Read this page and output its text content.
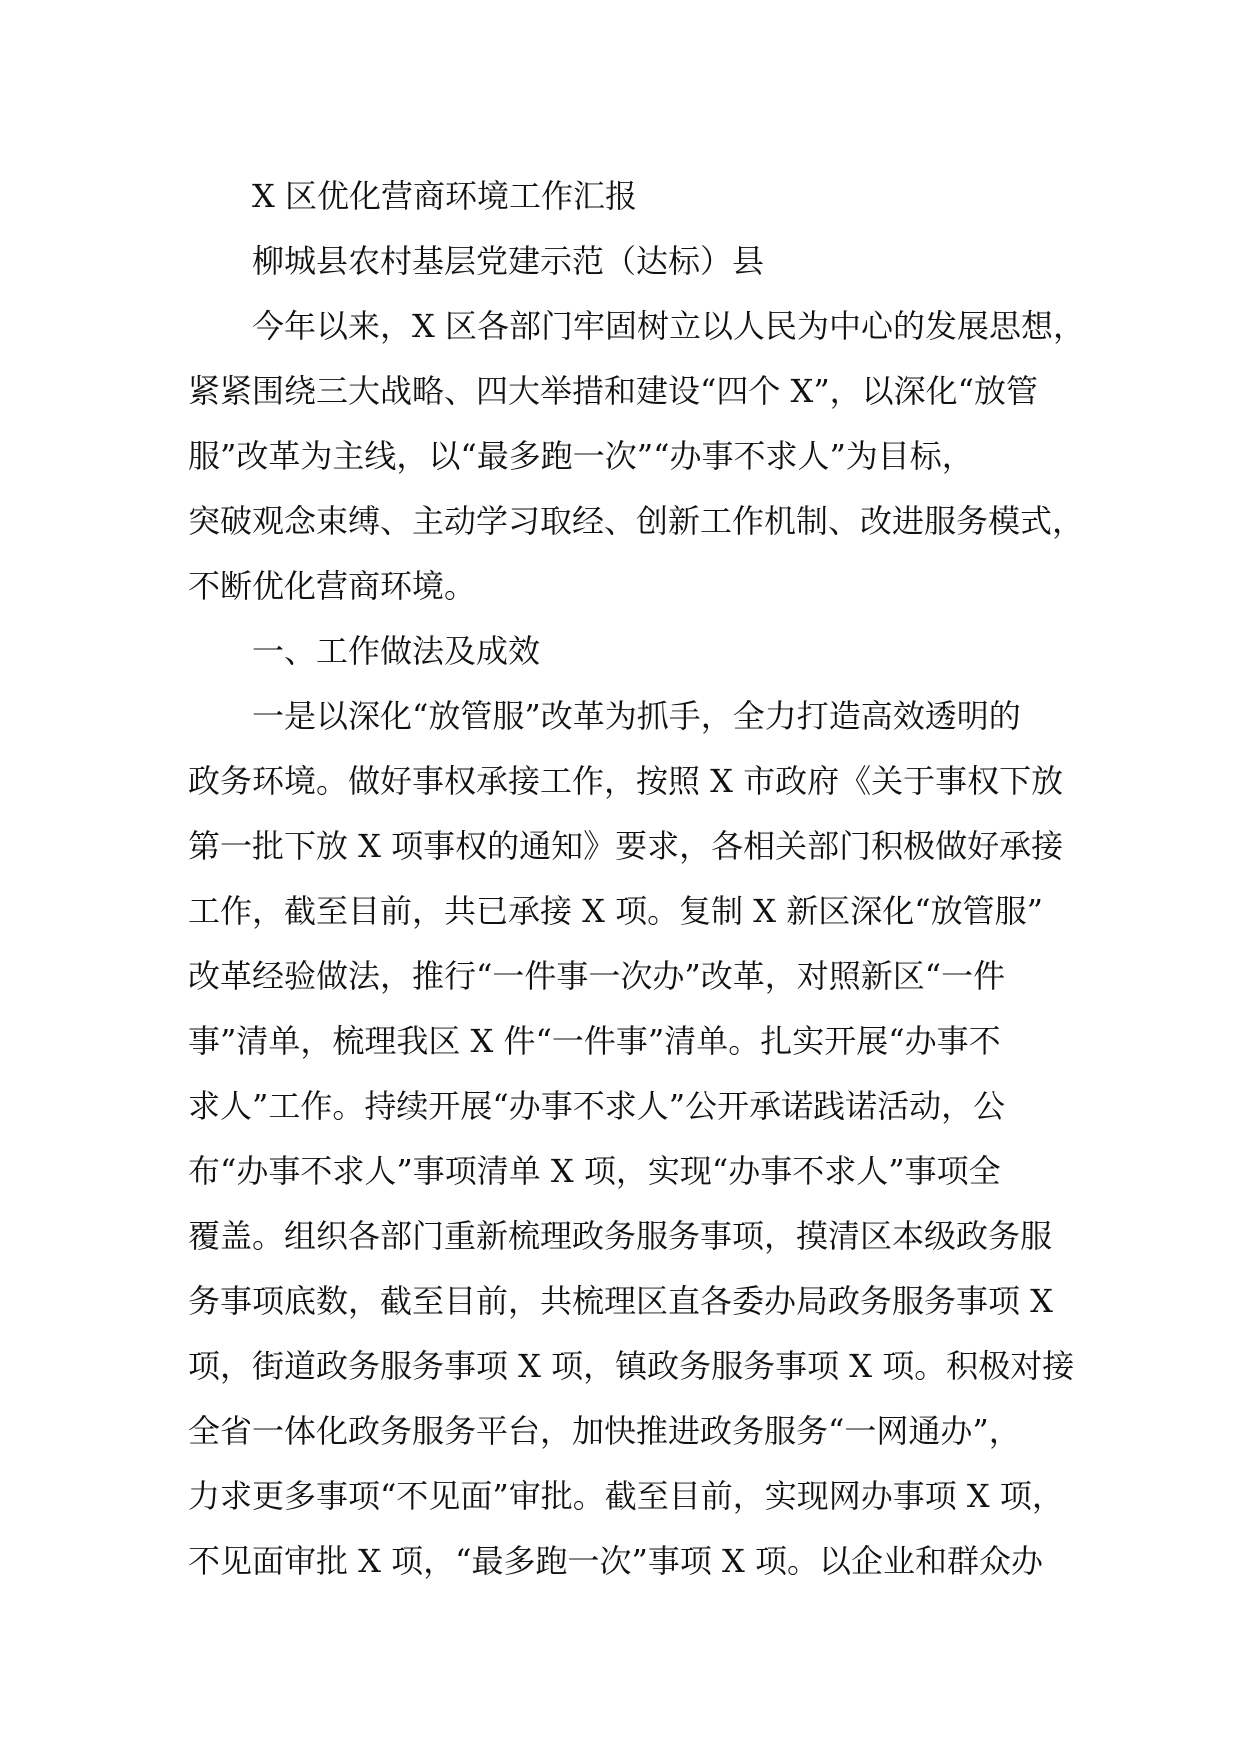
X 区优化营商环境工作汇报
柳城县农村基层党建示范（达标）县
今年以来，X 区各部门牢固树立以人民为中心的发展思想，
紧紧围绕三大战略、四大举措和建设“四个 X”，以深化“放管
服”改革为主线，以“最多跑一次”“办事不求人”为目标，
突破观念束缚、主动学习取经、创新工作机制、改进服务模式，
不断优化营商环境。
一、工作做法及成效
一是以深化“放管服”改革为抓手，全力打造高效透明的
政务环境。做好事权承接工作，按照 X 市政府《关于事权下放
第一批下放 X 项事权的通知》要求，各相关部门积极做好承接
工作，截至目前，共已承接 X 项。复制 X 新区深化“放管服”
改革经验做法，推行“一件事一次办”改革，对照新区“一件
事”清单，梳理我区 X 件“一件事”清单。扎实开展“办事不
求人”工作。持续开展“办事不求人”公开承诺践诺活动，公
布“办事不求人”事项清单 X 项，实现“办事不求人”事项全
覆盖。组织各部门重新梳理政务服务事项，摸清区本级政务服
务事项底数，截至目前，共梳理区直各委办局政务服务事项 X
项，街道政务服务事项 X 项，镇政务服务事项 X 项。积极对接
全省一体化政务服务平台，加快推进政务服务“一网通办”，
力求更多事项“不见面”审批。截至目前，实现网办事项 X 项，
不见面审批 X 项，“最多跑一次”事项 X 项。以企业和群众办
